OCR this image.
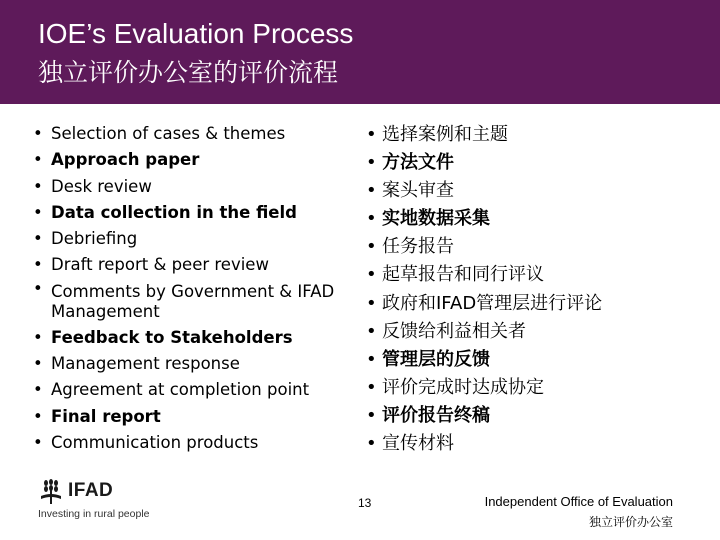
IOE’s Evaluation Process
独立评价办公室的评价流程
• Selection of cases & themes
• Approach paper
• Desk review
• Data collection in the field
• Debriefing
• Draft report & peer review
• Comments by Government & IFAD Management
• Feedback to Stakeholders
• Management response
• Agreement at completion point
• Final report
• Communication products
• 选择案例和主题
• 方法文件
• 案头审查
• 实地数据采集
• 任务报告
• 起草报告和同行评议
• 政府和IFAD管理层进行评论
• 反馈给利益相关者
• 管理层的反馈
• 评价完成时达成协定
• 评价报告终稿
• 宣传材料
IFAD
Investing in rural people
13	Independent Office of Evaluation
独立评价办公室
